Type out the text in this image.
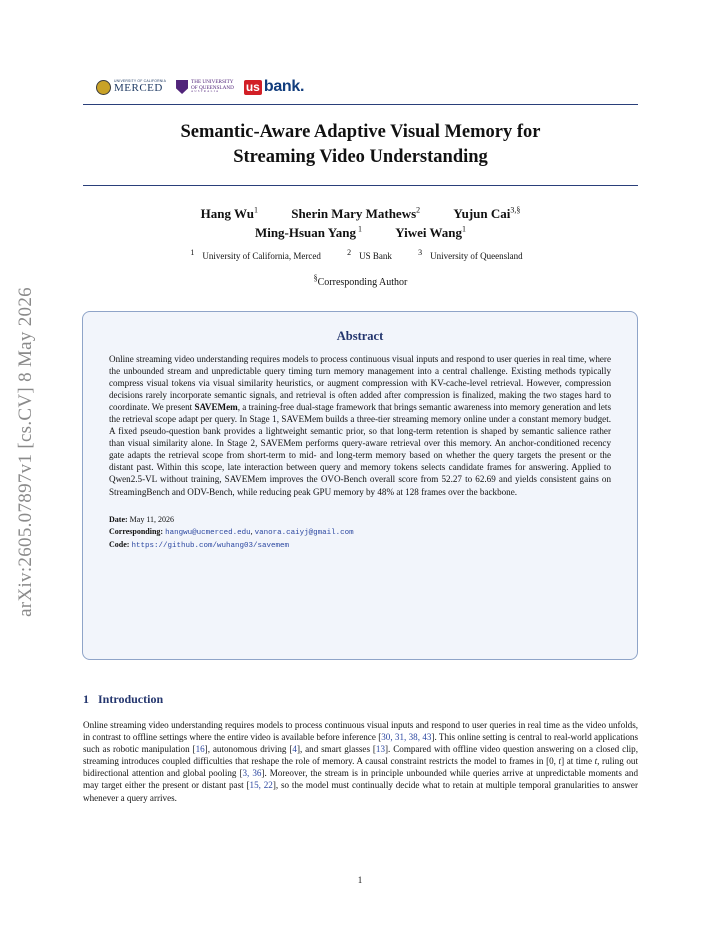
arXiv:2605.07897v1 [cs.CV] 8 May 2026
UNIVERSITY OF CALIFORNIA
MERCED	THE UNIVERSITY
OF QUEENSLAND
AUSTRALIA	us bank.
Semantic-Aware Adaptive Visual Memory for
Streaming Video Understanding
Hang Wu$^1$	Sherin Mary Mathews$^2$	Yujun Cai$^{3,\S}$
Ming-Hsuan Yang $^1$	Yiwei Wang$^1$
$^1$ University of California, Merced	$^2$ US Bank	$^3$ University of Queensland
§Corresponding Author
Abstract

Online streaming video understanding requires models to process continuous visual inputs and respond to user queries in real time, where the unbounded stream and unpredictable query timing turn memory management into a central challenge. Existing methods typically compress visual tokens via visual similarity heuristics, or augment compression with KV-cache-level retrieval. However, compression decisions rarely incorporate semantic signals, and retrieval is often added after compression is finalized, making the two stages hard to coordinate. We present SAVEMem, a training-free dual-stage framework that brings semantic awareness into memory generation and lets the retrieval scope adapt per query. In Stage 1, SAVEMem builds a three-tier streaming memory online under a constant memory budget. A fixed pseudo-question bank provides a lightweight semantic prior, so that long-term retention is shaped by semantic salience rather than visual similarity alone. In Stage 2, SAVEMem performs query-aware retrieval over this memory. An anchor-conditioned recency gate adapts the retrieval scope from short-term to mid- and long-term memory based on whether the query targets the present or the distant past. Within this scope, late interaction between query and memory tokens selects candidate frames for answering. Applied to Qwen2.5-VL without training, SAVEMem improves the OVO-Bench overall score from 52.27 to 62.69 and yields consistent gains on StreamingBench and ODV-Bench, while reducing peak GPU memory by 48% at 128 frames over the backbone.

Date: May 11, 2026
Corresponding: hangwu@ucmerced.edu, vanora.caiyj@gmail.com
Code: https://github.com/wuhang03/savemem
1 Introduction

Online streaming video understanding requires models to process continuous visual inputs and respond to user queries in real time as the video unfolds, in contrast to offline settings where the entire video is available before inference [30, 31, 38, 43]. This online setting is central to real-world applications such as robotic manipulation [16], autonomous driving [4], and smart glasses [13]. Compared with offline video question answering on a closed clip, streaming introduces coupled difficulties that reshape the role of memory. A causal constraint restricts the model to frames in [0, t] at time t, ruling out bidirectional attention and global pooling [3, 36]. Moreover, the stream is in principle unbounded while queries arrive at unpredictable moments and may target either the present or distant past [15, 22], so the model must continually decide what to retain at multiple temporal granularities to answer whenever a query arrives.

1
